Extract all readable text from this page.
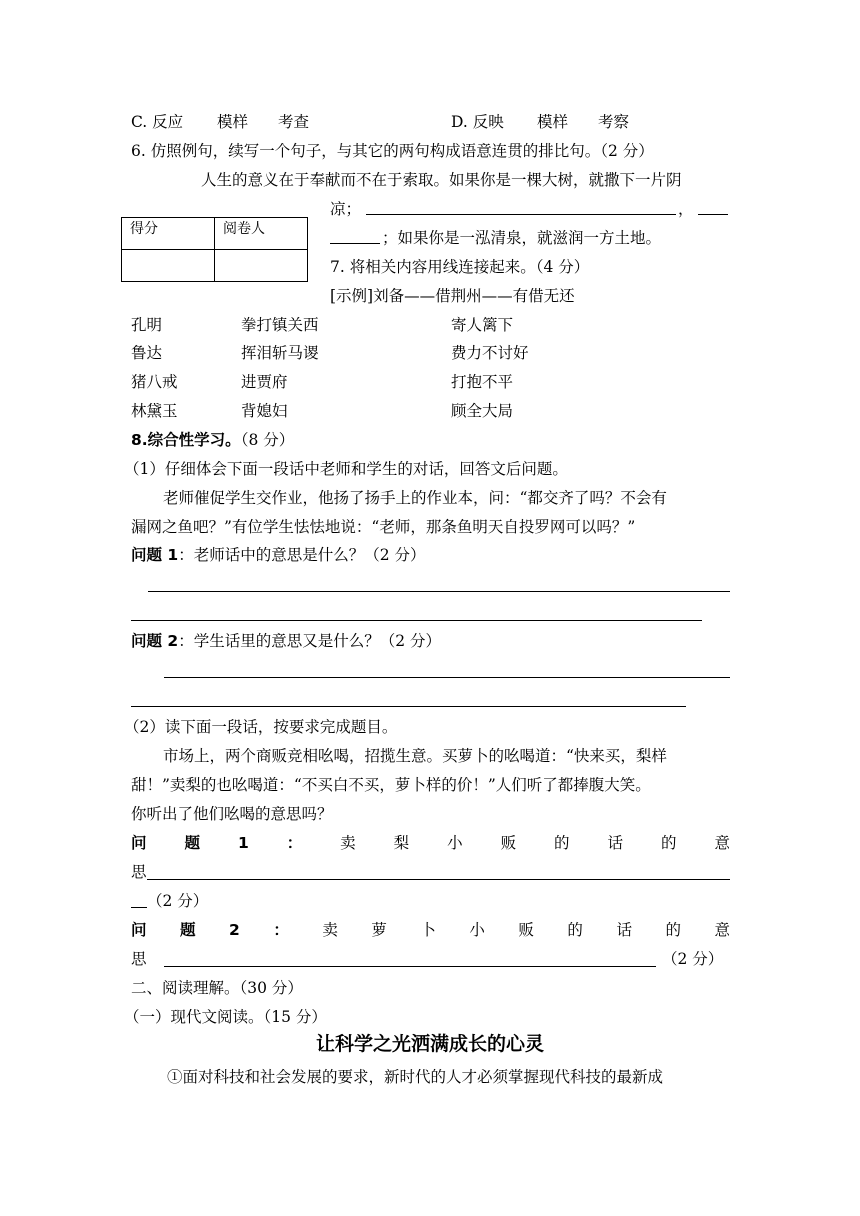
C. 反应 模样 考查	D. 反映 模样 考察
6. 仿照例句，续写一个句子，与其它的两句构成语意连贯的排比句。（2 分）
人生的意义在于奉献而不在于索取。如果你是一棵大树，就撒下一片阴
凉；	，
；如果你是一泓清泉，就滋润一方土地。
得分	阅卷人

7. 将相关内容用线连接起来。（4 分）
[示例]刘备——借荆州——有借无还
孔明	拳打镇关西	寄人篱下
鲁达	挥泪斩马谡	费力不讨好
猪八戒	进贾府	打抱不平
林黛玉	背媳妇	顾全大局
8.综合性学习。（8 分）
（1）仔细体会下面一段话中老师和学生的对话，回答文后问题。
老师催促学生交作业，他扬了扬手上的作业本，问：“都交齐了吗？不会有
漏网之鱼吧？”有位学生怯怯地说：“老师，那条鱼明天自投罗网可以吗？”
问题 1：老师话中的意思是什么？（2 分）
问题 2：学生话里的意思又是什么？（2 分）
（2）读下面一段话，按要求完成题目。
市场上，两个商贩竞相吆喝，招揽生意。买萝卜的吆喝道：“快来买，梨样
甜！”卖梨的也吆喝道：“不买白不买，萝卜样的价！”人们听了都捧腹大笑。
你听出了他们吆喝的意思吗？
问 题 1 ： 卖 梨 小 贩 的 话 的 意
思
（2 分）
问 题 2 ： 卖 萝 卜 小 贩 的 话 的 意
思	（2 分）
二、阅读理解。（30 分）
（一）现代文阅读。（15 分）
让科学之光洒满成长的心灵
①面对科技和社会发展的要求，新时代的人才必须掌握现代科技的最新成
